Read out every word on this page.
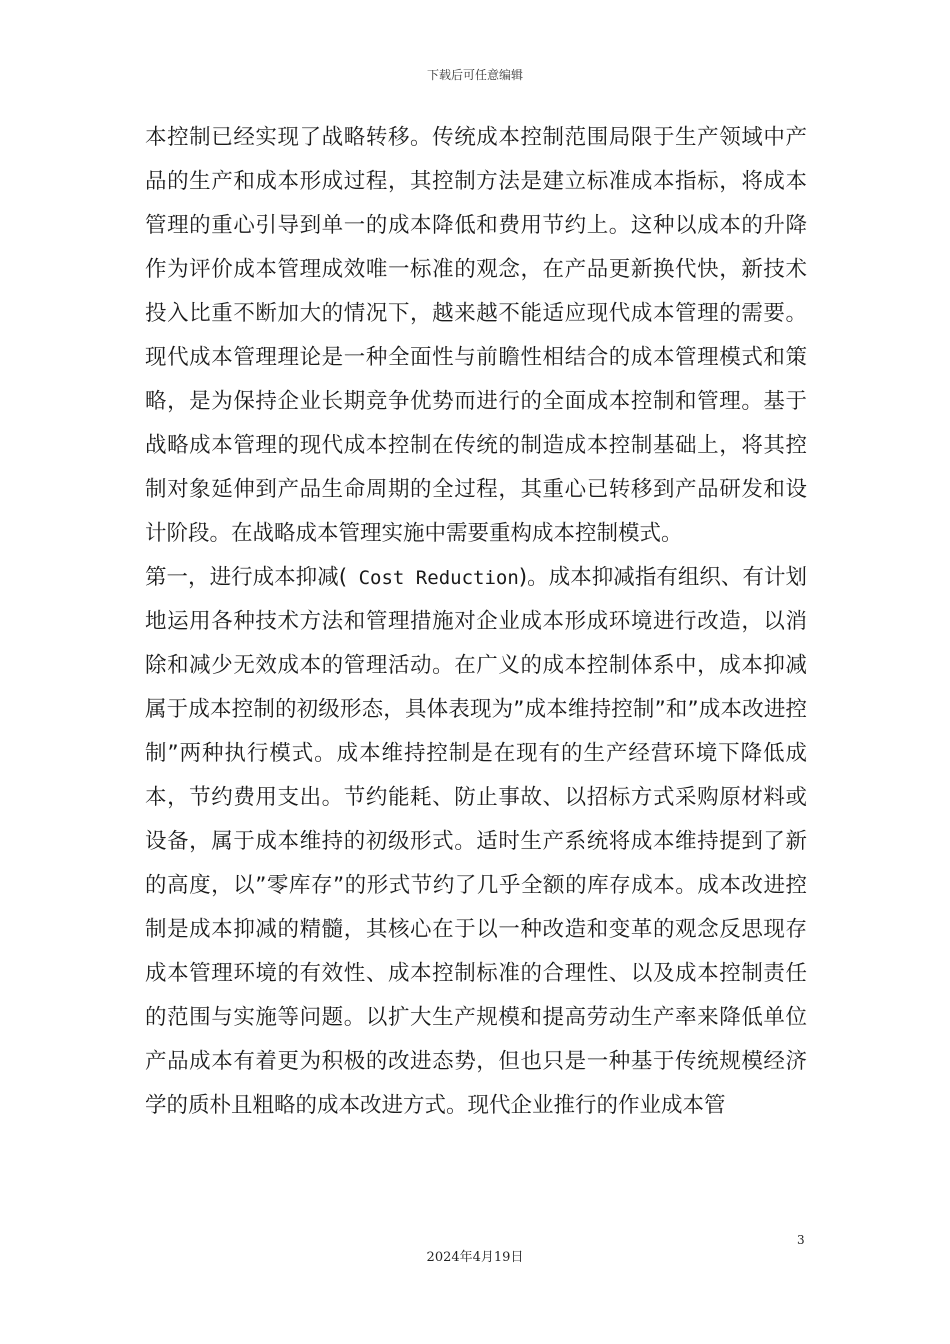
下载后可任意编辑

本控制已经实现了战略转移。传统成本控制范围局限于生产领域中产品的生产和成本形成过程，其控制方法是建立标准成本指标，将成本管理的重心引导到单一的成本降低和费用节约上。这种以成本的升降作为评价成本管理成效唯一标准的观念，在产品更新换代快，新技术投入比重不断加大的情况下，越来越不能适应现代成本管理的需要。现代成本管理理论是一种全面性与前瞻性相结合的成本管理模式和策略，是为保持企业长期竞争优势而进行的全面成本控制和管理。基于战略成本管理的现代成本控制在传统的制造成本控制基础上，将其控制对象延伸到产品生命周期的全过程，其重心已转移到产品研发和设计阶段。在战略成本管理实施中需要重构成本控制模式。

第一，进行成本抑减( Cost Reduction)。成本抑减指有组织、有计划地运用各种技术方法和管理措施对企业成本形成环境进行改造，以消除和减少无效成本的管理活动。在广义的成本控制体系中，成本抑减属于成本控制的初级形态，具体表现为”成本维持控制”和”成本改进控制”两种执行模式。成本维持控制是在现有的生产经营环境下降低成本，节约费用支出。节约能耗、防止事故、以招标方式采购原材料或设备，属于成本维持的初级形式。适时生产系统将成本维持提到了新的高度，以”零库存”的形式节约了几乎全额的库存成本。成本改进控制是成本抑减的精髓，其核心在于以一种改造和变革的观念反思现存成本管理环境的有效性、成本控制标准的合理性、以及成本控制责任的范围与实施等问题。以扩大生产规模和提高劳动生产率来降低单位产品成本有着更为积极的改进态势，但也只是一种基于传统规模经济学的质朴且粗略的成本改进方式。现代企业推行的作业成本管

3
2024年4月19日
